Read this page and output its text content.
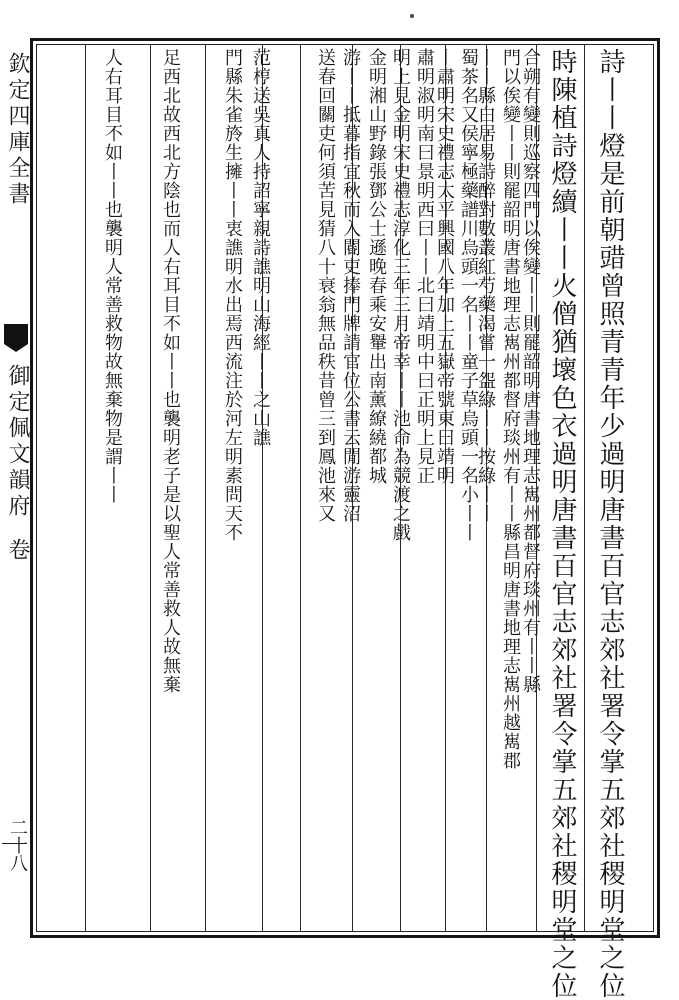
欽定四庫全書
御定佩文韻府
卷
二十八	詩丨丨燈是前朝䜺曾照青青年少過明唐書百官志郊社署令掌五郊社稷明堂之位
時陳植詩燈續丨丨火僧猶壞色衣過明唐書百官志郊社署令掌五郊社稷明堂之位
合朔有變則巡察四門以俟變丨丨則罷韶明唐書地理志嶲州都督府琰州有丨丨縣
門以俟變丨丨則罷韶明唐書地理志嶲州都督府琰州有丨丨縣昌明唐書地理志嶲州越嶲郡
丨丨縣白居易詩醉對數叢紅芍藥渴嘗一盌綠丨丨按綠丨丨
蜀茶名又侯寧極藥譜川烏頭一名丨丨童子草烏頭一名小丨丨
丨肅明宋史禮志太平興國八年加上五嶽帝號東曰靖明
肅明淑明南曰景明西曰丨丨北曰靖明中曰正明上見正
明上見金明宋史禮志淳化三年三月帝幸丨丨池命為競渡之戲
金明湘山野錄張鄧公士遜晚春乘安轝出南薰繚繞都城
游丨丨抵暮指宜秋而入閽吏捧門牌請官位公書云閒游靈沼
送春回關吏何須苦見猜八十衰翁無品秩昔曾三到鳳池來又
范梈送吳真人持詔寧親詩譙明山海經丨丨之山譙
門縣朱雀旍生擁丨丨衷譙明水出焉西流注於河左明素問天不
足西北故西北方陰也而人右耳目不如丨丨也襲明老子是以聖人常善救人故無棄
人右耳目不如丨丨也襲明人常善救物故無棄物是謂丨丨
